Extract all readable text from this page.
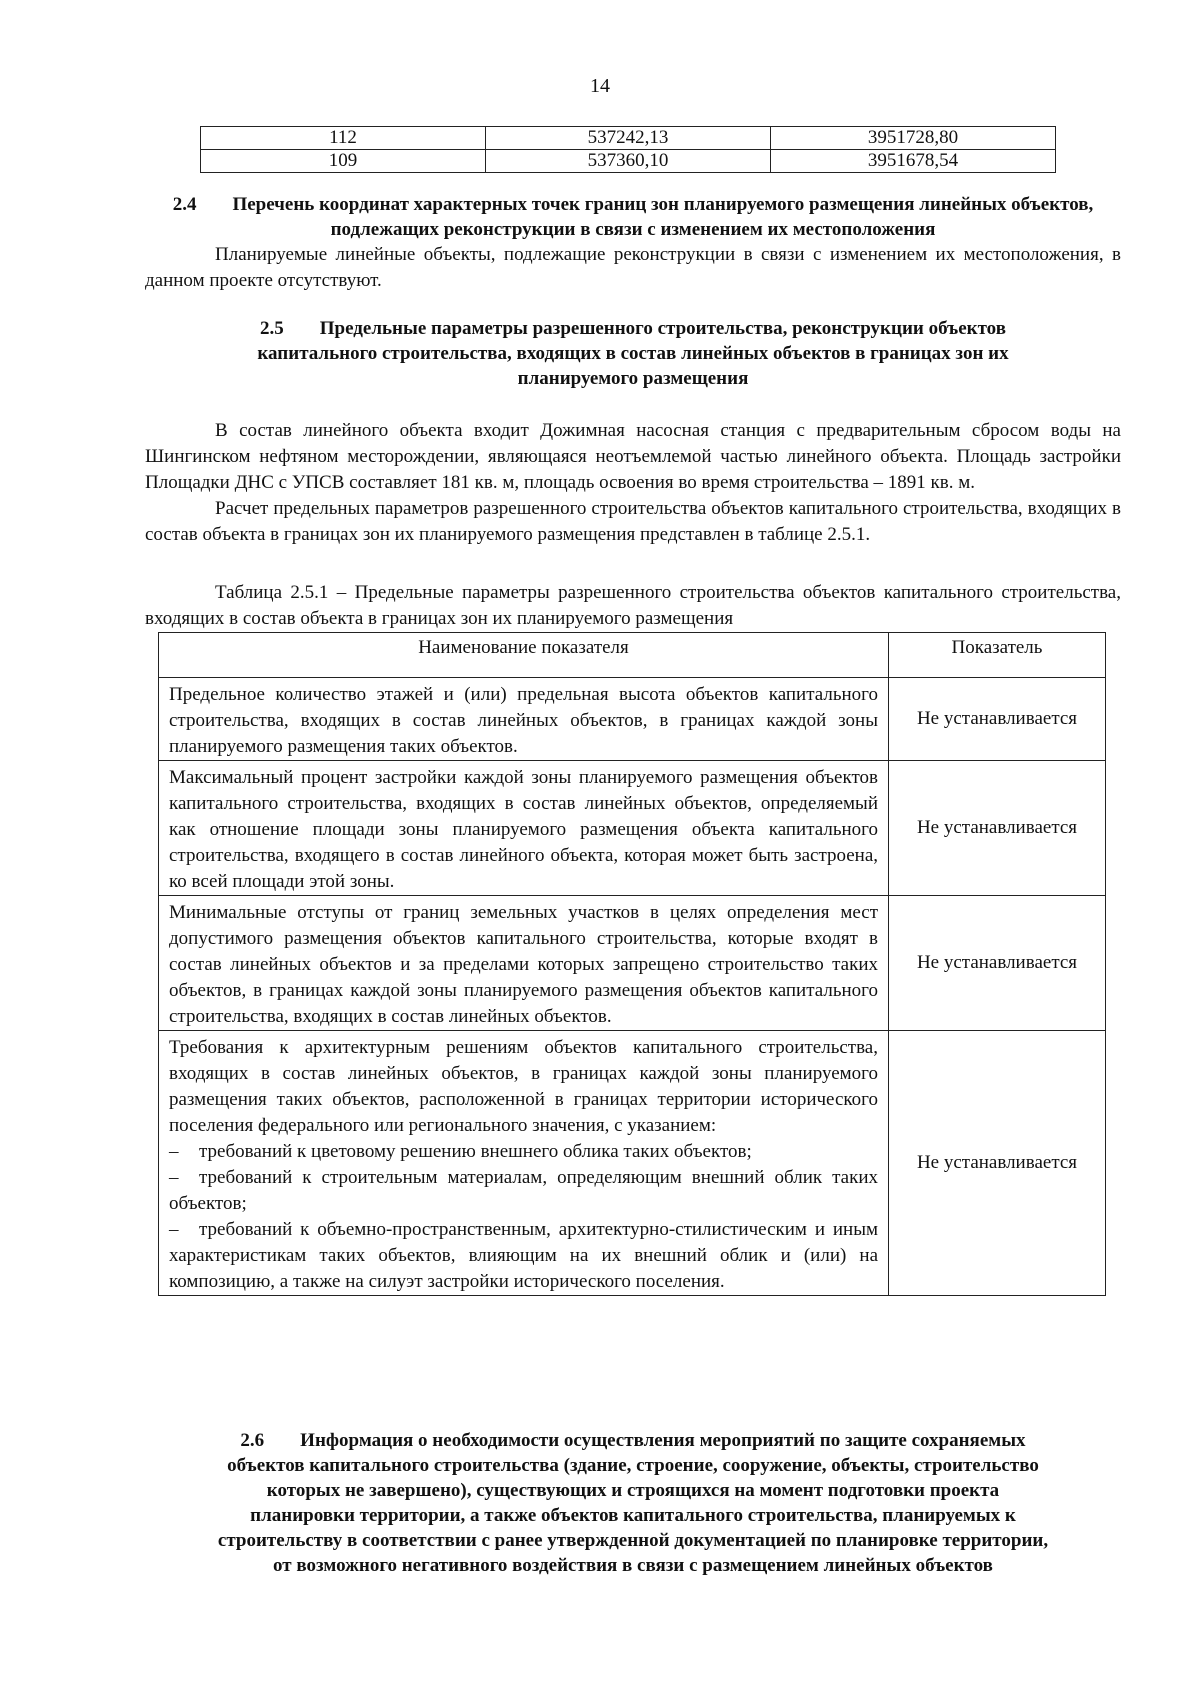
14
112	537242,13	3951728,80
109	537360,10	3951678,54
2.4 Перечень координат характерных точек границ зон планируемого размещения линейных объектов, подлежащих реконструкции в связи с изменением их местоположения

Планируемые линейные объекты, подлежащие реконструкции в связи с изменением их местоположения, в данном проекте отсутствуют.

2.5 Предельные параметры разрешенного строительства, реконструкции объектов
капитального строительства, входящих в состав линейных объектов в границах зон их
планируемого размещения

В состав линейного объекта входит Дожимная насосная станция с предварительным сбросом воды на Шингинском нефтяном месторождении, являющаяся неотъемлемой частью линейного объекта. Площадь застройки Площадки ДНС с УПСВ составляет 181 кв. м, площадь освоения во время строительства – 1891 кв. м.

Расчет предельных параметров разрешенного строительства объектов капитального строительства, входящих в состав объекта в границах зон их планируемого размещения представлен в таблице 2.5.1.

Таблица 2.5.1 – Предельные параметры разрешенного строительства объектов капитального строительства, входящих в состав объекта в границах зон их планируемого размещения

Наименование показателя	Показатель
Предельное количество этажей и (или) предельная высота объектов капитального строительства, входящих в состав линейных объектов, в границах каждой зоны планируемого размещения таких объектов.	Не устанавливается
Максимальный процент застройки каждой зоны планируемого размещения объектов капитального строительства, входящих в состав линейных объектов, определяемый как отношение площади зоны планируемого размещения объекта капитального строительства, входящего в состав линейного объекта, которая может быть застроена, ко всей площади этой зоны.	Не устанавливается
Минимальные отступы от границ земельных участков в целях определения мест допустимого размещения объектов капитального строительства, которые входят в состав линейных объектов и за пределами которых запрещено строительство таких объектов, в границах каждой зоны планируемого размещения объектов капитального строительства, входящих в состав линейных объектов.	Не устанавливается

Требования к архитектурным решениям объектов капитального строительства, входящих в состав линейных объектов, в границах каждой зоны планируемого размещения таких объектов, расположенной в границах территории исторического поселения федерального или регионального значения, с указанием:
– требований к цветовому решению внешнего облика таких объектов;
– требований к строительным материалам, определяющим внешний облик таких объектов;
– требований к объемно-пространственным, архитектурно-стилистическим и иным характеристикам таких объектов, влияющим на их внешний облик и (или) на композицию, а также на силуэт застройки исторического поселения.	Не устанавливается
2.6 Информация о необходимости осуществления мероприятий по защите сохраняемых
объектов капитального строительства (здание, строение, сооружение, объекты, строительство
которых не завершено), существующих и строящихся на момент подготовки проекта
планировки территории, а также объектов капитального строительства, планируемых к
строительству в соответствии с ранее утвержденной документацией по планировке территории,
от возможного негативного воздействия в связи с размещением линейных объектов
